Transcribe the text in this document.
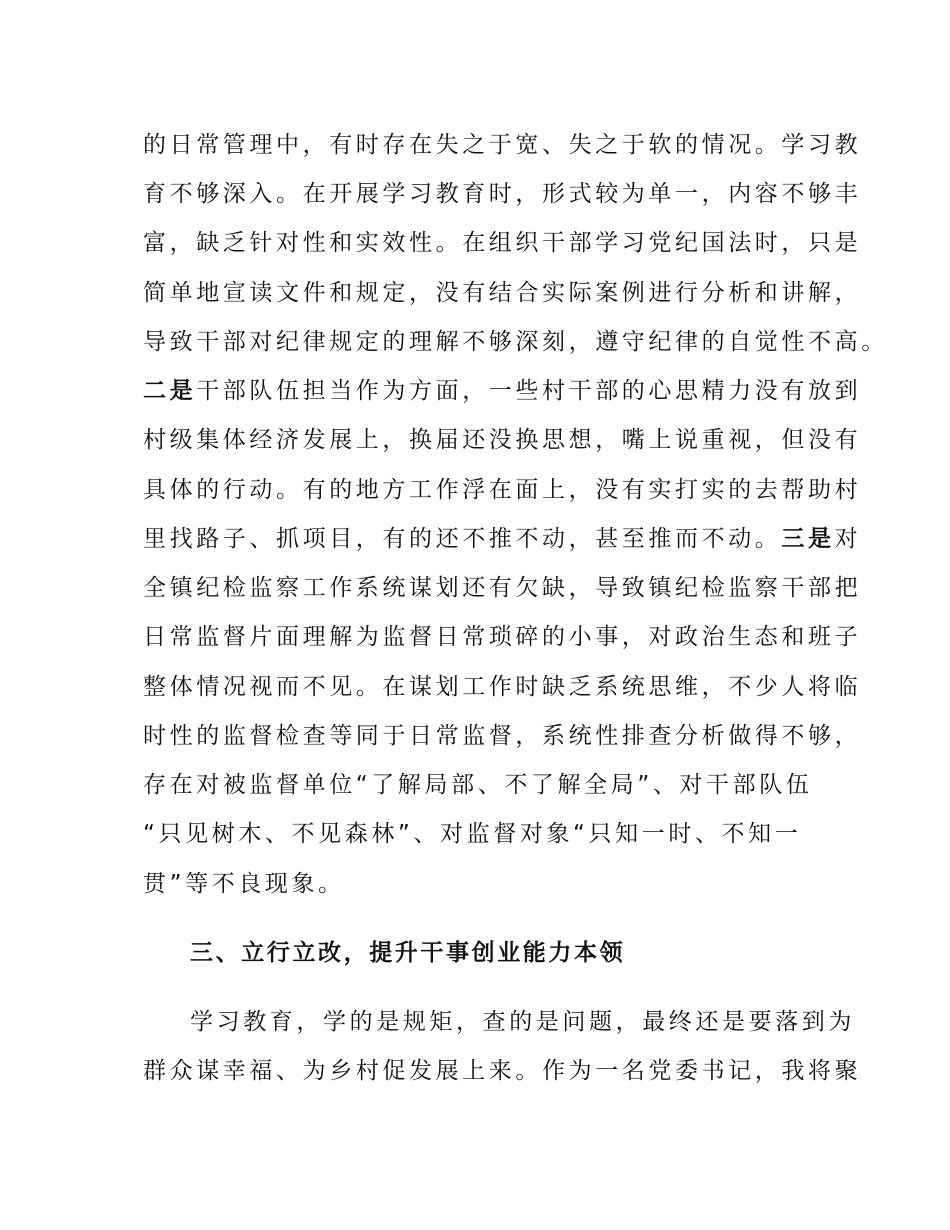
的日常管理中，有时存在失之于宽、失之于软的情况。学习教
育不够深入。在开展学习教育时，形式较为单一，内容不够丰
富，缺乏针对性和实效性。在组织干部学习党纪国法时，只是
简单地宣读文件和规定，没有结合实际案例进行分析和讲解，
导致干部对纪律规定的理解不够深刻，遵守纪律的自觉性不高。
二是干部队伍担当作为方面，一些村干部的心思精力没有放到
村级集体经济发展上，换届还没换思想，嘴上说重视，但没有
具体的行动。有的地方工作浮在面上，没有实打实的去帮助村
里找路子、抓项目，有的还不推不动，甚至推而不动。三是对
全镇纪检监察工作系统谋划还有欠缺，导致镇纪检监察干部把
日常监督片面理解为监督日常琐碎的小事，对政治生态和班子
整体情况视而不见。在谋划工作时缺乏系统思维，不少人将临
时性的监督检查等同于日常监督，系统性排查分析做得不够，
存在对被监督单位“了解局部、不了解全局”、对干部队伍
“只见树木、不见森林”、对监督对象“只知一时、不知一
贯”等不良现象。
三、立行立改，提升干事创业能力本领
学习教育，学的是规矩，查的是问题，最终还是要落到为
群众谋幸福、为乡村促发展上来。作为一名党委书记，我将聚
